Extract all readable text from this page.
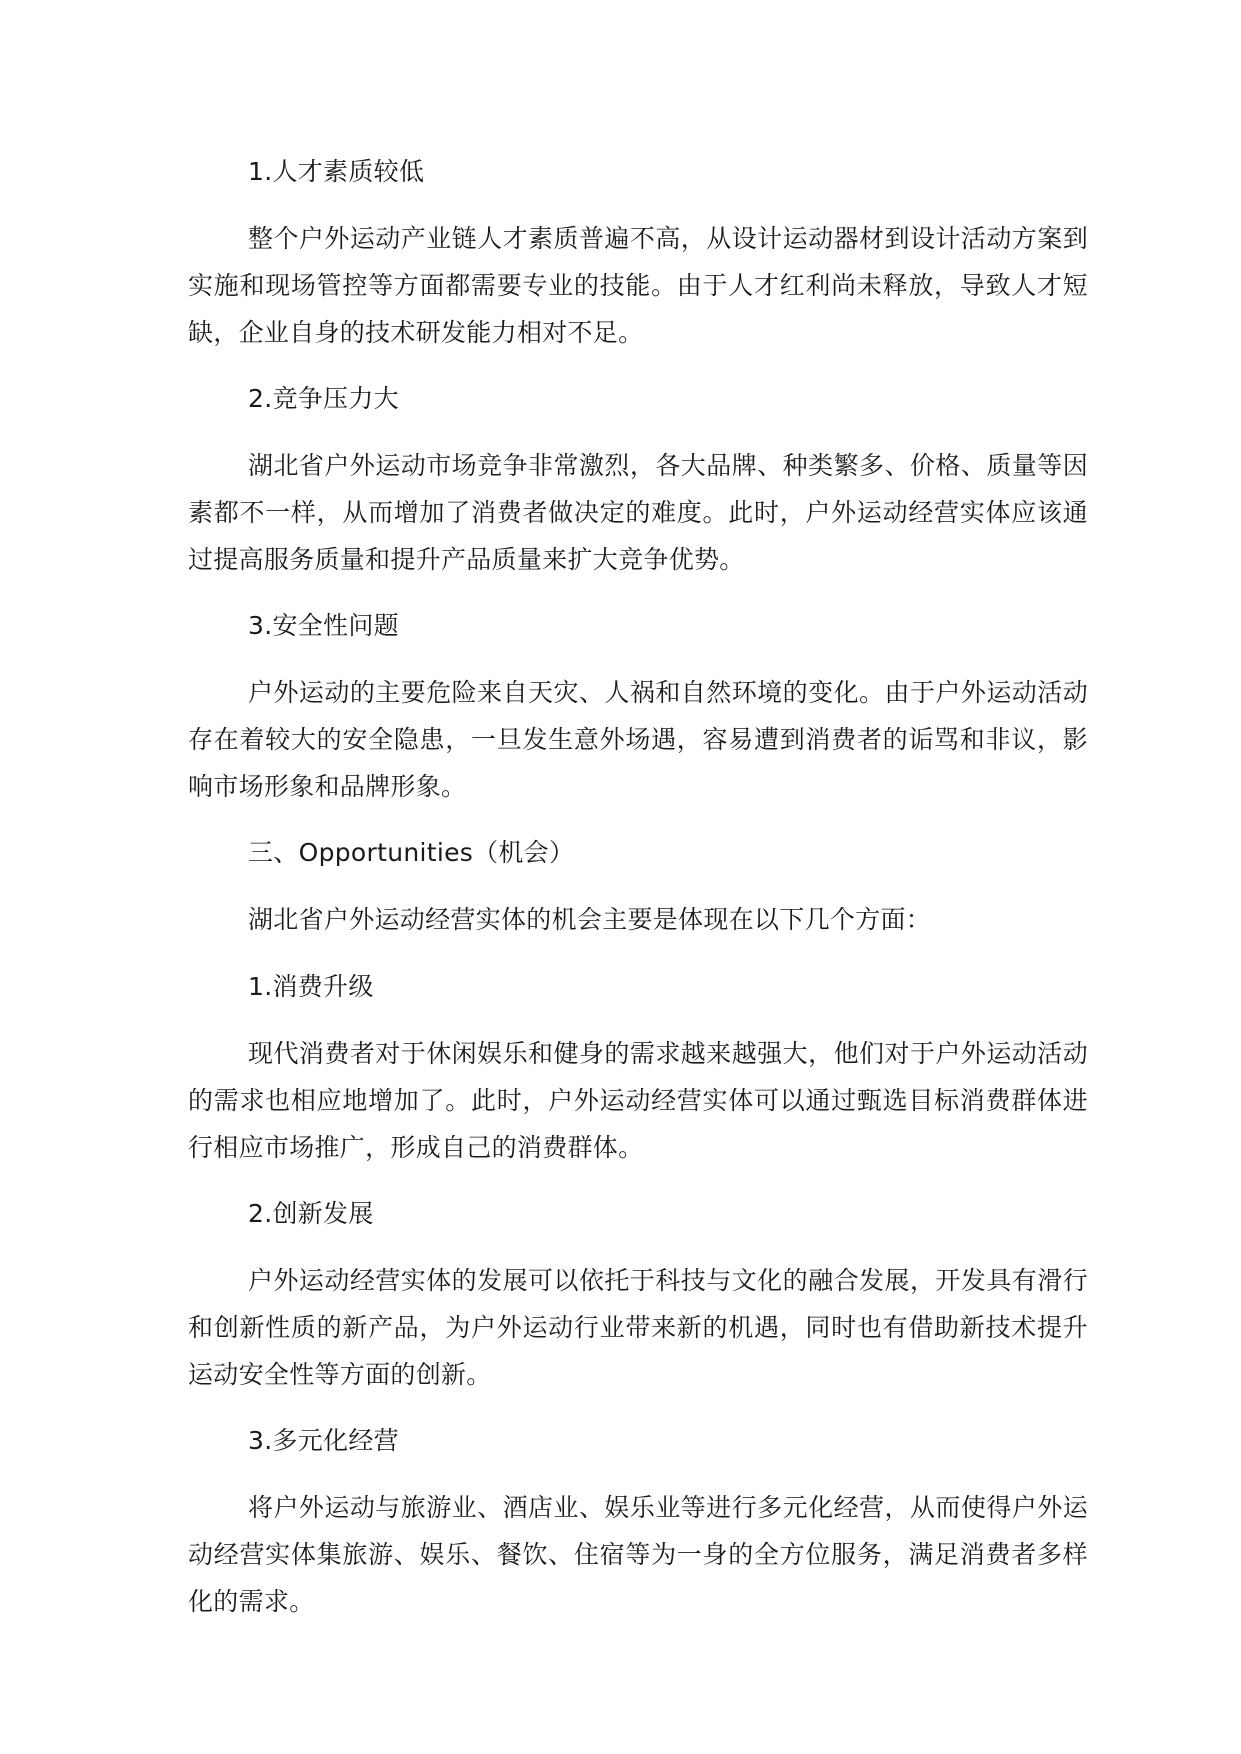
1.人才素质较低

整个户外运动产业链人才素质普遍不高，从设计运动器材到设计活动方案到实施和现场管控等方面都需要专业的技能。由于人才红利尚未释放，导致人才短缺，企业自身的技术研发能力相对不足。

2.竞争压力大

湖北省户外运动市场竞争非常激烈，各大品牌、种类繁多、价格、质量等因素都不一样，从而增加了消费者做决定的难度。此时，户外运动经营实体应该通过提高服务质量和提升产品质量来扩大竞争优势。

3.安全性问题

户外运动的主要危险来自天灾、人祸和自然环境的变化。由于户外运动活动存在着较大的安全隐患，一旦发生意外场遇，容易遭到消费者的诟骂和非议，影响市场形象和品牌形象。

三、Opportunities（机会）

湖北省户外运动经营实体的机会主要是体现在以下几个方面：

1.消费升级

现代消费者对于休闲娱乐和健身的需求越来越强大，他们对于户外运动活动的需求也相应地增加了。此时，户外运动经营实体可以通过甄选目标消费群体进行相应市场推广，形成自己的消费群体。

2.创新发展

户外运动经营实体的发展可以依托于科技与文化的融合发展，开发具有滑行和创新性质的新产品，为户外运动行业带来新的机遇，同时也有借助新技术提升运动安全性等方面的创新。

3.多元化经营

将户外运动与旅游业、酒店业、娱乐业等进行多元化经营，从而使得户外运动经营实体集旅游、娱乐、餐饮、住宿等为一身的全方位服务，满足消费者多样化的需求。
